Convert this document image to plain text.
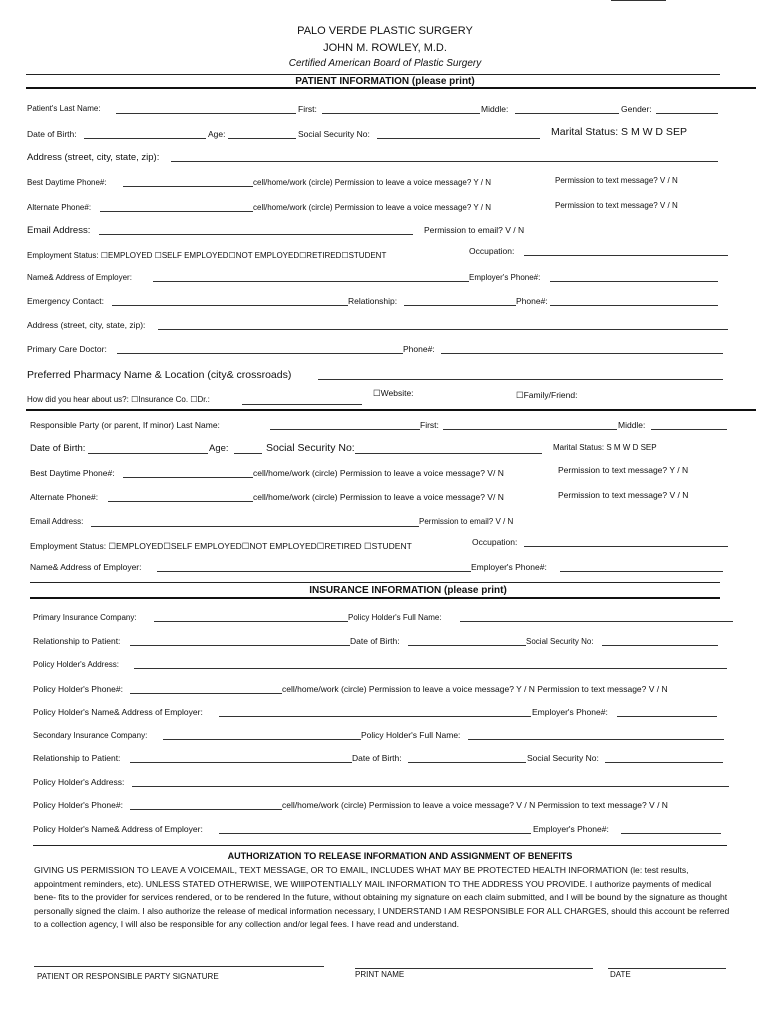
PALO VERDE PLASTIC SURGERY
JOHN M. ROWLEY, M.D.
Certified American Board of Plastic Surgery
PATIENT INFORMATION (please print)
Patient's Last Name:	First:	Middle:	Gender:
Date of Birth:	Age:	Social Security No:	Marital Status: S M W D SEP
Address (street, city, state, zip):
Best Daytime Phone#:	cell/home/work (circle) Permission to leave a voice message? Y / N	Permission to text message? V / N
Alternate Phone#:	cell/home/work (circle) Permission to leave a voice message? Y / N	Permission to text message? V / N
Email Address:	Permission to email? V / N
Employment Status: ☐EMPLOYED ☐SELF EMPLOYED☐NOT EMPLOYED☐RETIRED☐STUDENT	Occupation:
Name& Address of Employer:	Employer's Phone#:
Emergency Contact:	Relationship:	Phone#:
Address (street, city, state, zip):
Primary Care Doctor:	Phone#:
Preferred Pharmacy Name & Location (city& crossroads)
How did you hear about us?: ☐Insurance Co. ☐Dr.:
☐Website:	☐Family/Friend:
Responsible Party (or parent, If minor) Last Name:	First:	Middle:
Date of Birth:	Age:	Social Security No:	Marital Status: S M W D SEP
Best Daytime Phone#:	cell/home/work (circle) Permission to leave a voice message? V/ N	Permission to text message? Y / N
Alternate Phone#:	cell/home/work (circle) Permission to leave a voice message? V/ N	Permission to text message? V / N
Email Address:	Permission to email? V / N
Employment Status: ☐EMPLOYED☐SELF EMPLOYED☐NOT EMPLOYED☐RETIRED ☐STUDENT	Occupation:
Name& Address of Employer:	Employer's Phone#:
INSURANCE INFORMATION (please print)
Primary Insurance Company:	Policy Holder's Full Name:
Relationship to Patient:	Date of Birth:	Social Security No:
Policy Holder's Address:
Policy Holder's Phone#:	cell/home/work (circle) Permission to leave a voice message? Y / N Permission to text message? V / N
Policy Holder's Name& Address of Employer:	Employer's Phone#:
Secondary Insurance Company:	Policy Holder's Full Name:
Relationship to Patient:	Date of Birth:	Social Security No:
Policy Holder's Address:
Policy Holder's Phone#:	cell/home/work (circle) Permission to leave a voice message? V / N Permission to text message? V / N
Policy Holder's Name& Address of Employer:	Employer's Phone#:
AUTHORIZATION TO RELEASE INFORMATION AND ASSIGNMENT OF BENEFITS
GIVING US PERMISSION TO LEAVE A VOICEMAIL, TEXT MESSAGE, OR TO EMAIL, INCLUDES WHAT MAY BE PROTECTED HEALTH INFORMATION (le: test results, appointment reminders, etc). UNLESS STATED OTHERWISE, WE WIllPOTENTIALLY MAIL INFORMATION TO THE ADDRESS YOU PROVIDE. I authorize payments of medical bene- fits to the provider for services rendered, or to be rendered In the future, without obtaining my signature on each claim submitted, and I will be bound by the signature as thought personally signed the claim. I also authorize the release of medical information necessary, I UNDERSTAND I AM RESPONSIBLE FOR ALL CHARGES, should this account be referred to a collection agency, I will also be responsible for any collection and/or legal fees. I have read and understand.
PATIENT OR RESPONSIBLE PARTY SIGNATURE	PRINT NAME	DATE
